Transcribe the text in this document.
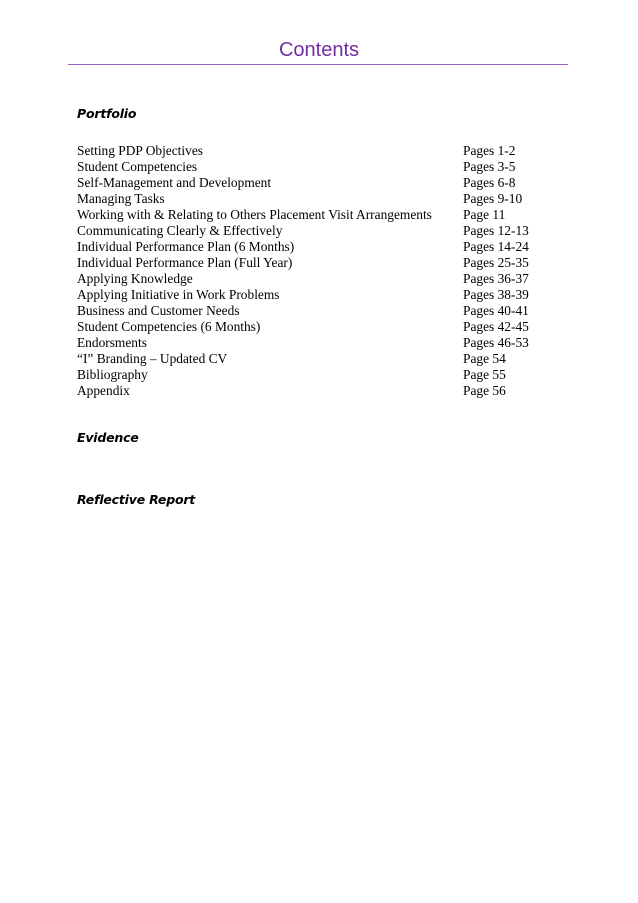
Contents
Portfolio
Setting PDP Objectives	Pages 1-2
Student Competencies	Pages 3-5
Self-Management and Development	Pages 6-8
Managing Tasks	Pages 9-10
Working with & Relating to Others Placement Visit Arrangements Page 11
Communicating Clearly & Effectively	Pages 12-13
Individual Performance Plan (6 Months)	Pages 14-24
Individual Performance Plan (Full Year)	Pages 25-35
Applying Knowledge	Pages 36-37
Applying Initiative in Work Problems	Pages 38-39
Business and Customer Needs	Pages 40-41
Student Competencies (6 Months)	Pages 42-45
Endorsments	Pages 46-53
“I” Branding – Updated CV	Page 54
Bibliography	Page 55
Appendix	Page 56
Evidence
Reflective Report
